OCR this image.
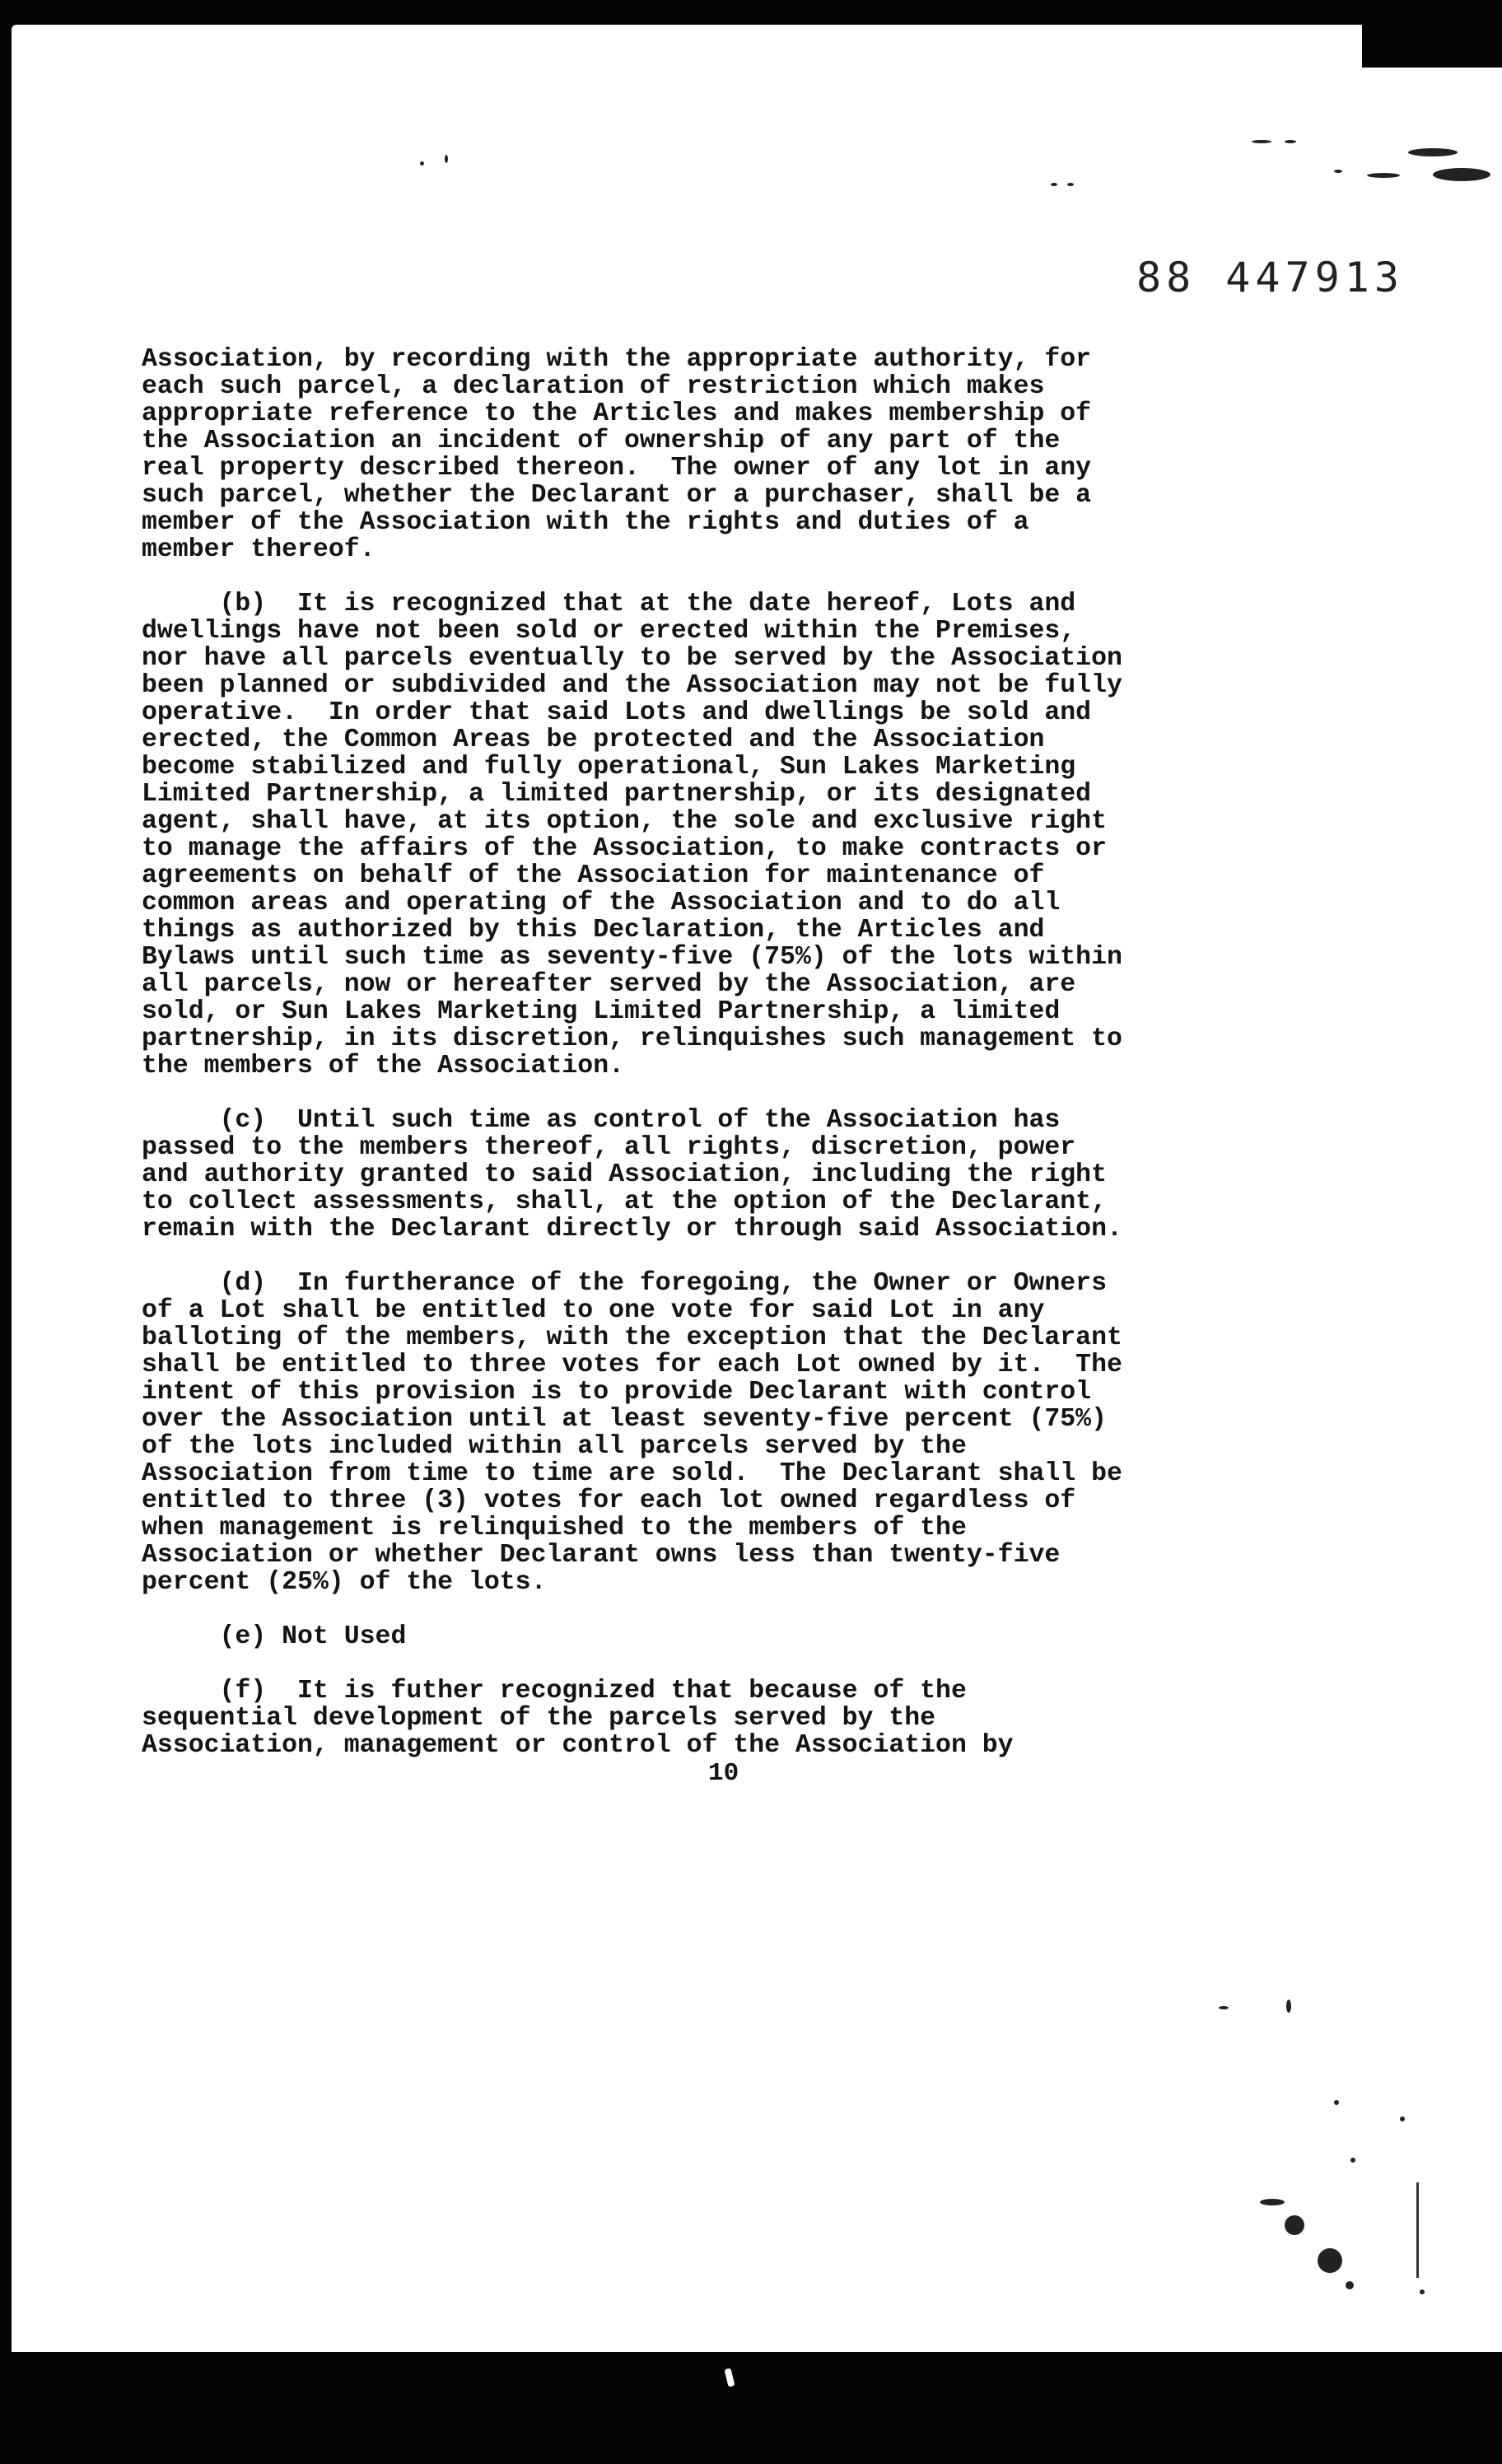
88 447913

Association, by recording with the appropriate authority, for
each such parcel, a declaration of restriction which makes
appropriate reference to the Articles and makes membership of
the Association an incident of ownership of any part of the
real property described thereon.  The owner of any lot in any
such parcel, whether the Declarant or a purchaser, shall be a
member of the Association with the rights and duties of a
member thereof.

(b)  It is recognized that at the date hereof, Lots and
dwellings have not been sold or erected within the Premises,
nor have all parcels eventually to be served by the Association
been planned or subdivided and the Association may not be fully
operative.  In order that said Lots and dwellings be sold and
erected, the Common Areas be protected and the Association
become stabilized and fully operational, Sun Lakes Marketing
Limited Partnership, a limited partnership, or its designated
agent, shall have, at its option, the sole and exclusive right
to manage the affairs of the Association, to make contracts or
agreements on behalf of the Association for maintenance of
common areas and operating of the Association and to do all
things as authorized by this Declaration, the Articles and
Bylaws until such time as seventy-five (75%) of the lots within
all parcels, now or hereafter served by the Association, are
sold, or Sun Lakes Marketing Limited Partnership, a limited
partnership, in its discretion, relinquishes such management to
the members of the Association.

(c)  Until such time as control of the Association has
passed to the members thereof, all rights, discretion, power
and authority granted to said Association, including the right
to collect assessments, shall, at the option of the Declarant,
remain with the Declarant directly or through said Association.

(d)  In furtherance of the foregoing, the Owner or Owners
of a Lot shall be entitled to one vote for said Lot in any
balloting of the members, with the exception that the Declarant
shall be entitled to three votes for each Lot owned by it.  The
intent of this provision is to provide Declarant with control
over the Association until at least seventy-five percent (75%)
of the lots included within all parcels served by the
Association from time to time are sold.  The Declarant shall be
entitled to three (3) votes for each lot owned regardless of
when management is relinquished to the members of the
Association or whether Declarant owns less than twenty-five
percent (25%) of the lots.

(e) Not Used

(f)  It is futher recognized that because of the
sequential development of the parcels served by the
Association, management or control of the Association by

10
